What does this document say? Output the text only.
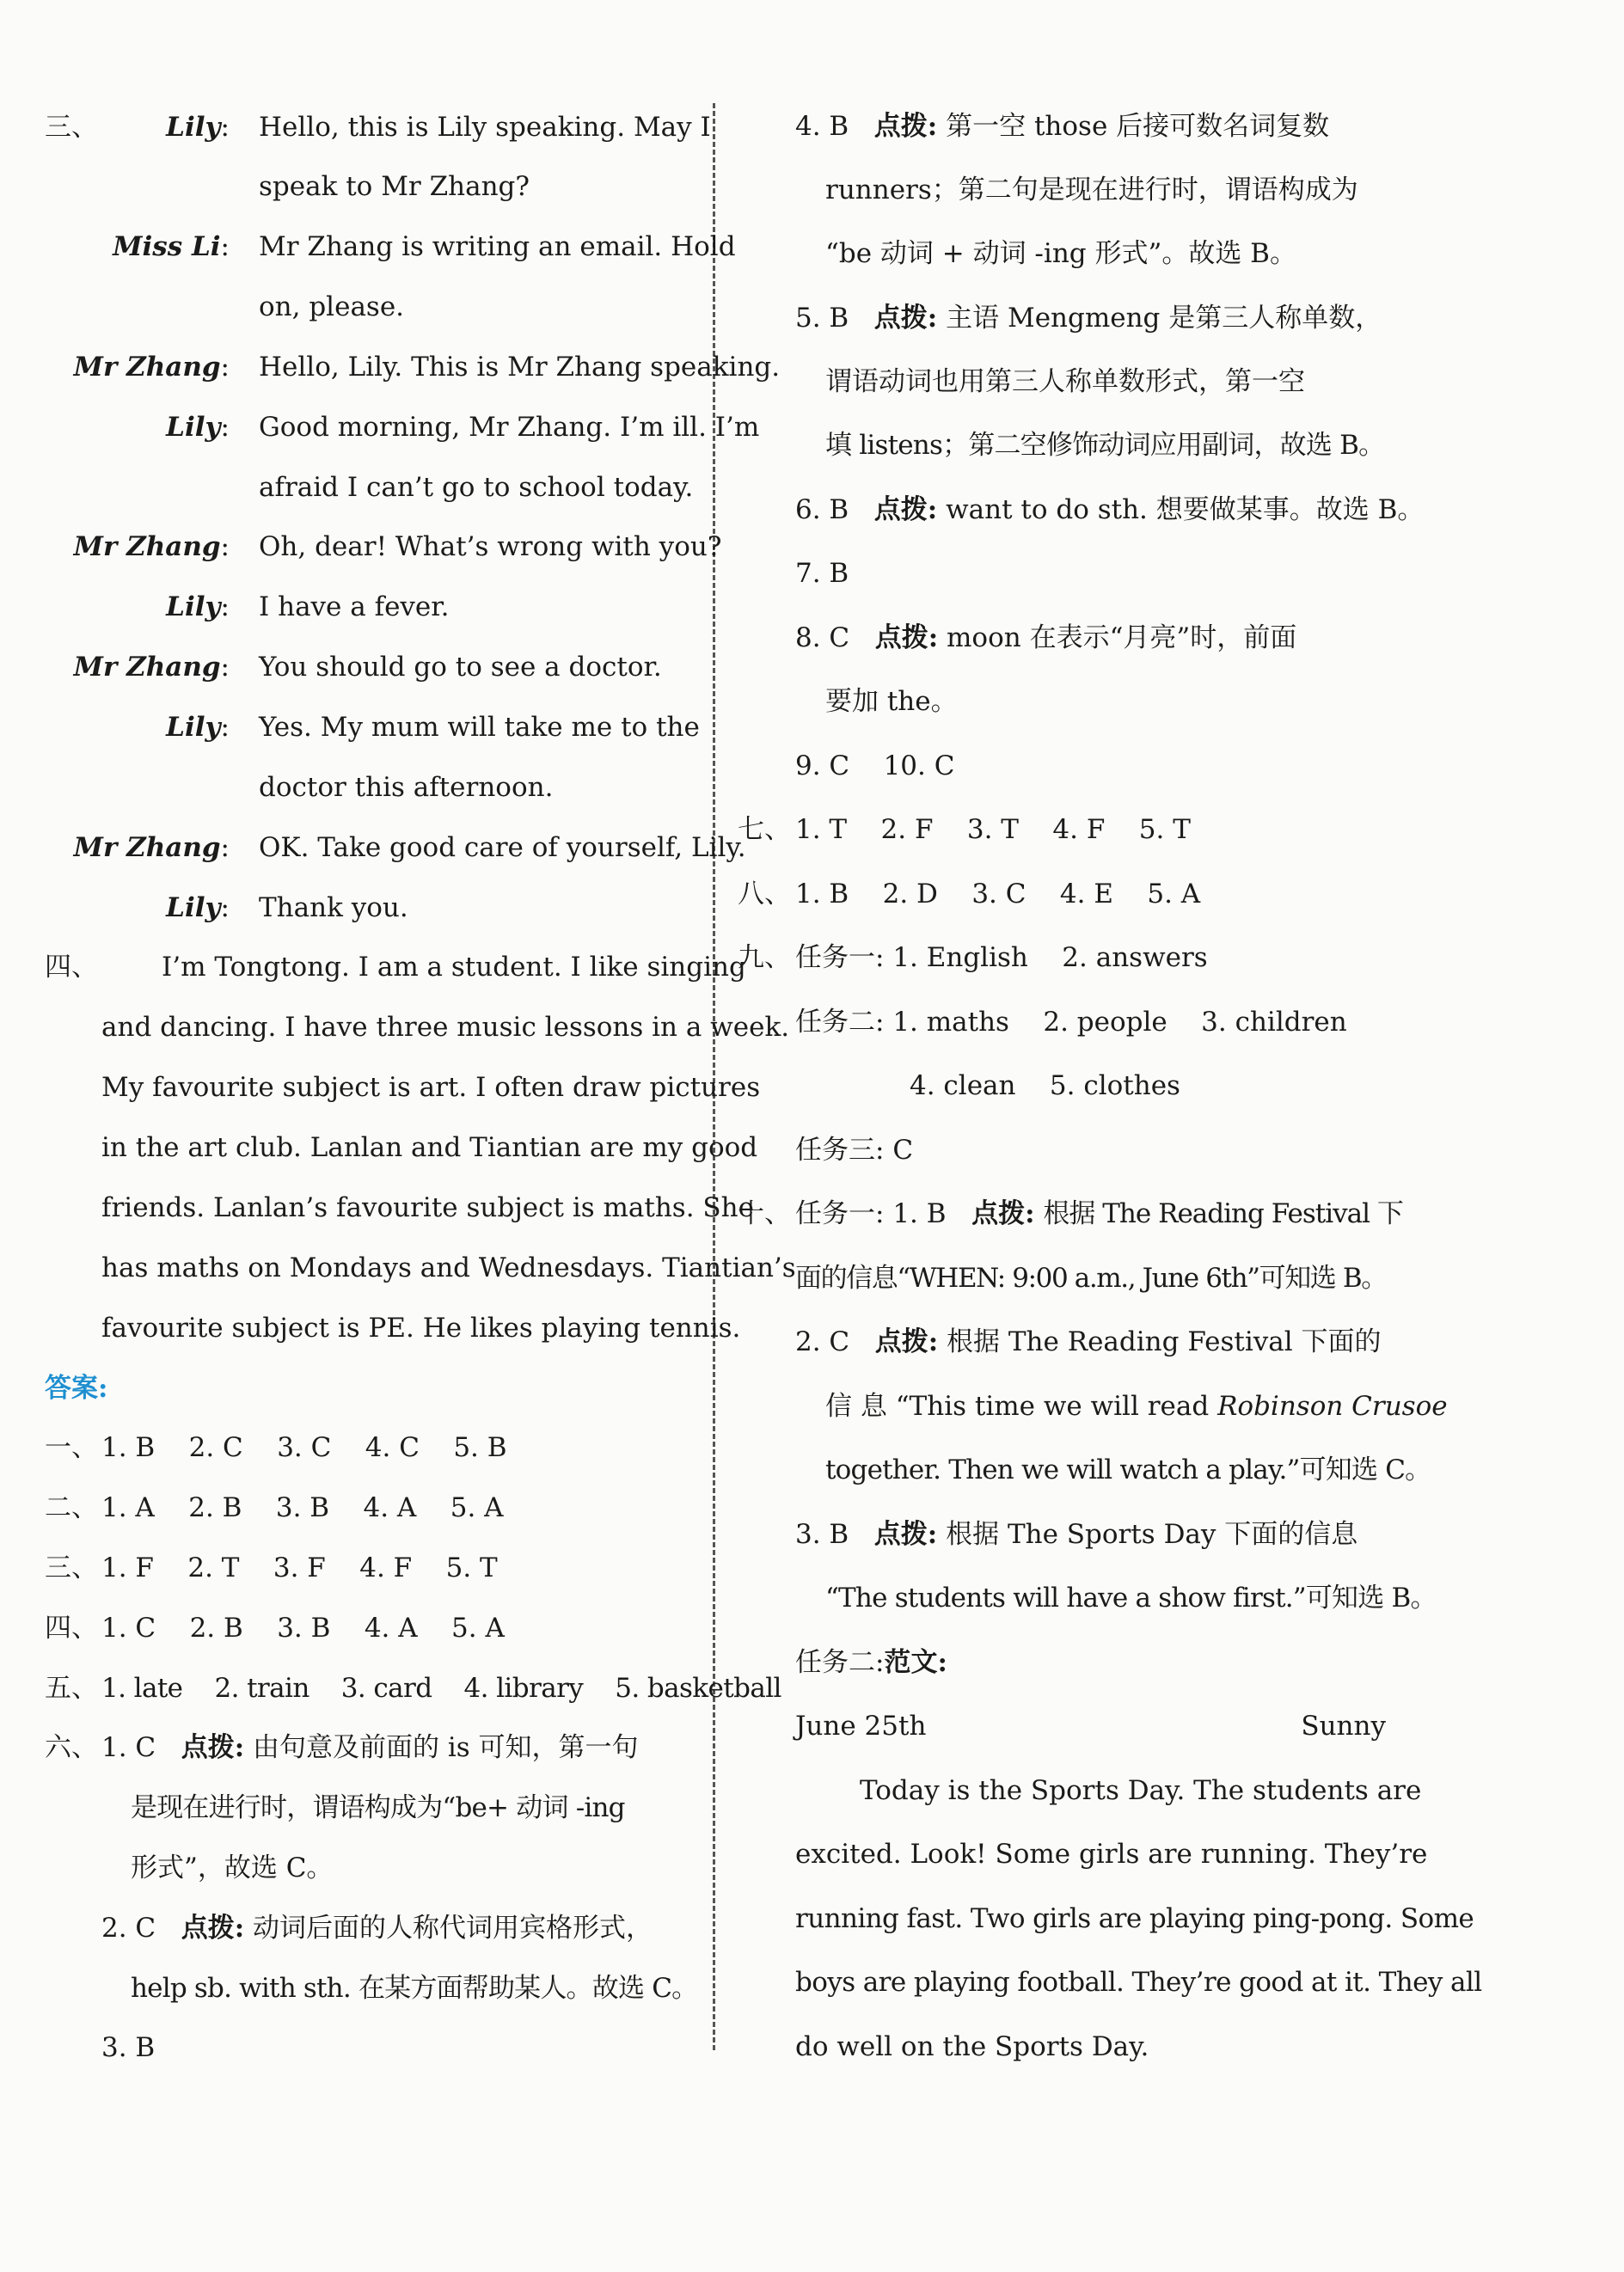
三、	Lily: Hello, this is Lily speaking. May I
speak to Mr Zhang?
Miss Li: Mr Zhang is writing an email. Hold
on, please.
Mr Zhang: Hello, Lily. This is Mr Zhang speaking.
Lily: Good morning, Mr Zhang. I’m ill. I’m
afraid I can’t go to school today.
Mr Zhang: Oh, dear! What’s wrong with you?
Lily: I have a fever.
Mr Zhang: You should go to see a doctor.
Lily: Yes. My mum will take me to the
doctor this afternoon.
Mr Zhang: OK. Take good care of yourself, Lily.
Lily: Thank you.
四、 I’m Tongtong. I am a student. I like singing
and dancing. I have three music lessons in a week.
My favourite subject is art. I often draw pictures
in the art club. Lanlan and Tiantian are my good
friends. Lanlan’s favourite subject is maths. She
has maths on Mondays and Wednesdays. Tiantian’s
favourite subject is PE. He likes playing tennis.
答案:
一、 1. B    2. C    3. C    4. C    5. B
二、 1. A    2. B    3. B    4. A    5. A
三、 1. F    2. T    3. F    4. F    5. T
四、 1. C    2. B    3. B    4. A    5. A
五、 1. late    2. train    3. card    4. library    5. basketball
六、 1. C 点拨: 由句意及前面的 is 可知，第一句
是现在进行时，谓语构成为“be+ 动词 -ing
形式”，故选 C。
2. C 点拨: 动词后面的人称代词用宾格形式，
help sb. with sth. 在某方面帮助某人。故选 C。
3. B
4. B 点拨: 第一空 those 后接可数名词复数
runners；第二句是现在进行时，谓语构成为
“be 动词 + 动词 -ing 形式”。故选 B。
5. B 点拨: 主语 Mengmeng 是第三人称单数，
谓语动词也用第三人称单数形式，第一空
填 listens；第二空修饰动词应用副词，故选 B。
6. B 点拨: want to do sth. 想要做某事。故选 B。
7. B
8. C 点拨: moon 在表示“月亮”时，前面
要加 the。
9. C    10. C
七、 1. T    2. F    3. T    4. F    5. T
八、 1. B    2. D    3. C    4. E    5. A
九、 任务一: 1. English    2. answers
任务二: 1. maths    2. people    3. children
4. clean    5. clothes
任务三: C
十、 任务一: 1. B 点拨: 根据 The Reading Festival 下
面的信息“WHEN: 9:00 a.m., June 6th”可知选 B。
2. C 点拨: 根据 The Reading Festival 下面的
信 息 “This time we will read Robinson Crusoe
together. Then we will watch a play.”可知选 C。
3. B 点拨: 根据 The Sports Day 下面的信息
“The students will have a show first.”可知选 B。
任务二:范文:
June 25th	Sunny
Today is the Sports Day. The students are
excited. Look! Some girls are running. They’re
running fast. Two girls are playing ping-pong. Some
boys are playing football. They’re good at it. They all
do well on the Sports Day.
